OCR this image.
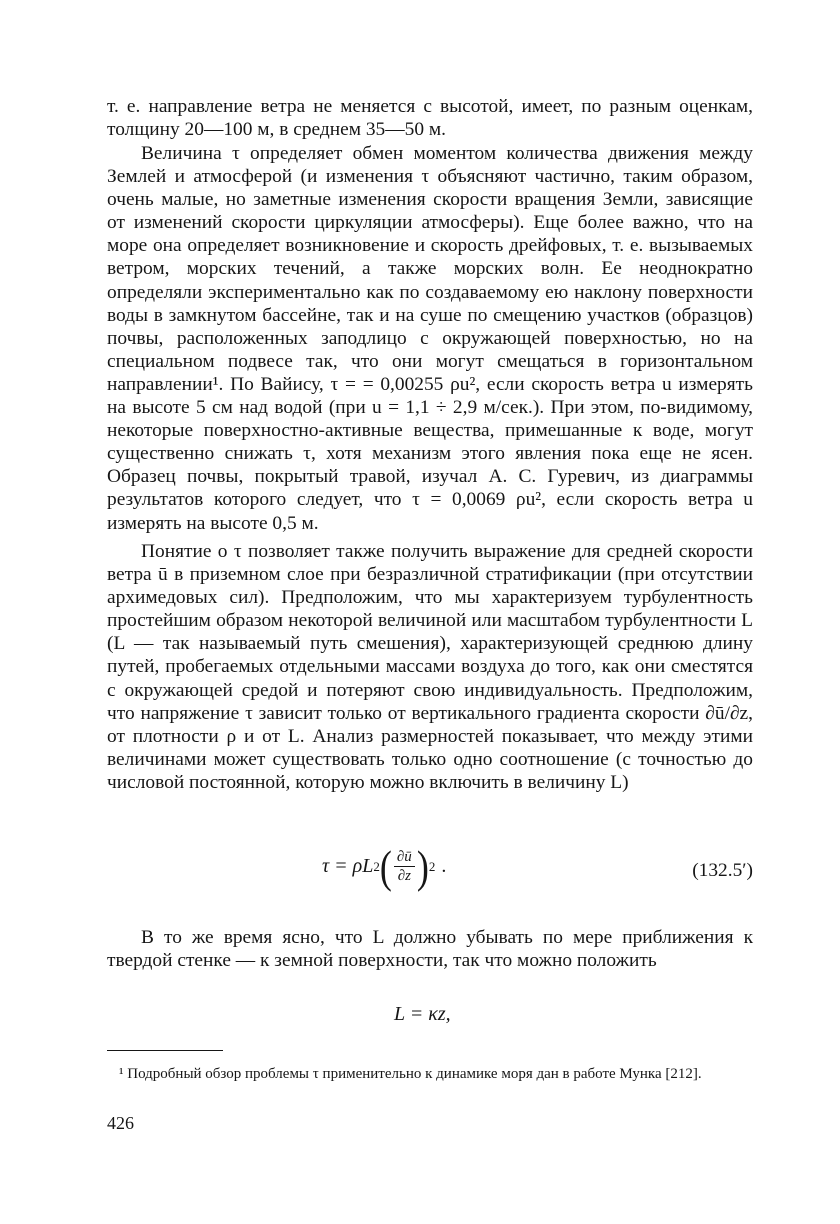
т. е. направление ветра не меняется с высотой, имеет, по разным оценкам, толщину 20—100 м, в среднем 35—50 м.
Величина τ определяет обмен моментом количества движения между Землей и атмосферой (и изменения τ объясняют частично, таким образом, очень малые, но заметные изменения скорости вращения Земли, зависящие от изменений скорости циркуляции атмосферы). Еще более важно, что на море она определяет возникновение и скорость дрейфовых, т. е. вызываемых ветром, морских течений, а также морских волн. Ее неоднократно определяли экспериментально как по создаваемому ею наклону поверхности воды в замкнутом бассейне, так и на суше по смещению участков (образцов) почвы, расположенных заподлицо с окружающей поверхностью, но на специальном подвесе так, что они могут смещаться в горизонтальном направлении¹. По Вайису, τ = = 0,00255 ρu², если скорость ветра u измерять на высоте 5 см над водой (при u = 1,1 ÷ 2,9 м/сек.). При этом, по-видимому, некоторые поверхностно-активные вещества, примешанные к воде, могут существенно снижать τ, хотя механизм этого явления пока еще не ясен. Образец почвы, покрытый травой, изучал А. С. Гуревич, из диаграммы результатов которого следует, что τ = 0,0069 ρu², если скорость ветра u измерять на высоте 0,5 м.
Понятие о τ позволяет также получить выражение для средней скорости ветра ū в приземном слое при безразличной стратификации (при отсутствии архимедовых сил). Предположим, что мы характеризуем турбулентность простейшим образом некоторой величиной или масштабом турбулентности L (L — так называемый путь смешения), характеризующей среднюю длину путей, пробегаемых отдельными массами воздуха до того, как они сместятся с окружающей средой и потеряют свою индивидуальность. Предположим, что напряжение τ зависит только от вертикального градиента скорости ∂ū/∂z, от плотности ρ и от L. Анализ размерностей показывает, что между этими величинами может существовать только одно соотношение (с точностью до числовой постоянной, которую можно включить в величину L)
τ = ρL 2 ( $\frac{\partial ū}{\partial z}$ ) 2 .	(132.5′)
В то же время ясно, что L должно убывать по мере приближения к твердой стенке — к земной поверхности, так что можно положить
L = κz,
¹ Подробный обзор проблемы τ применительно к динамике моря дан в работе Мунка [212].
426
